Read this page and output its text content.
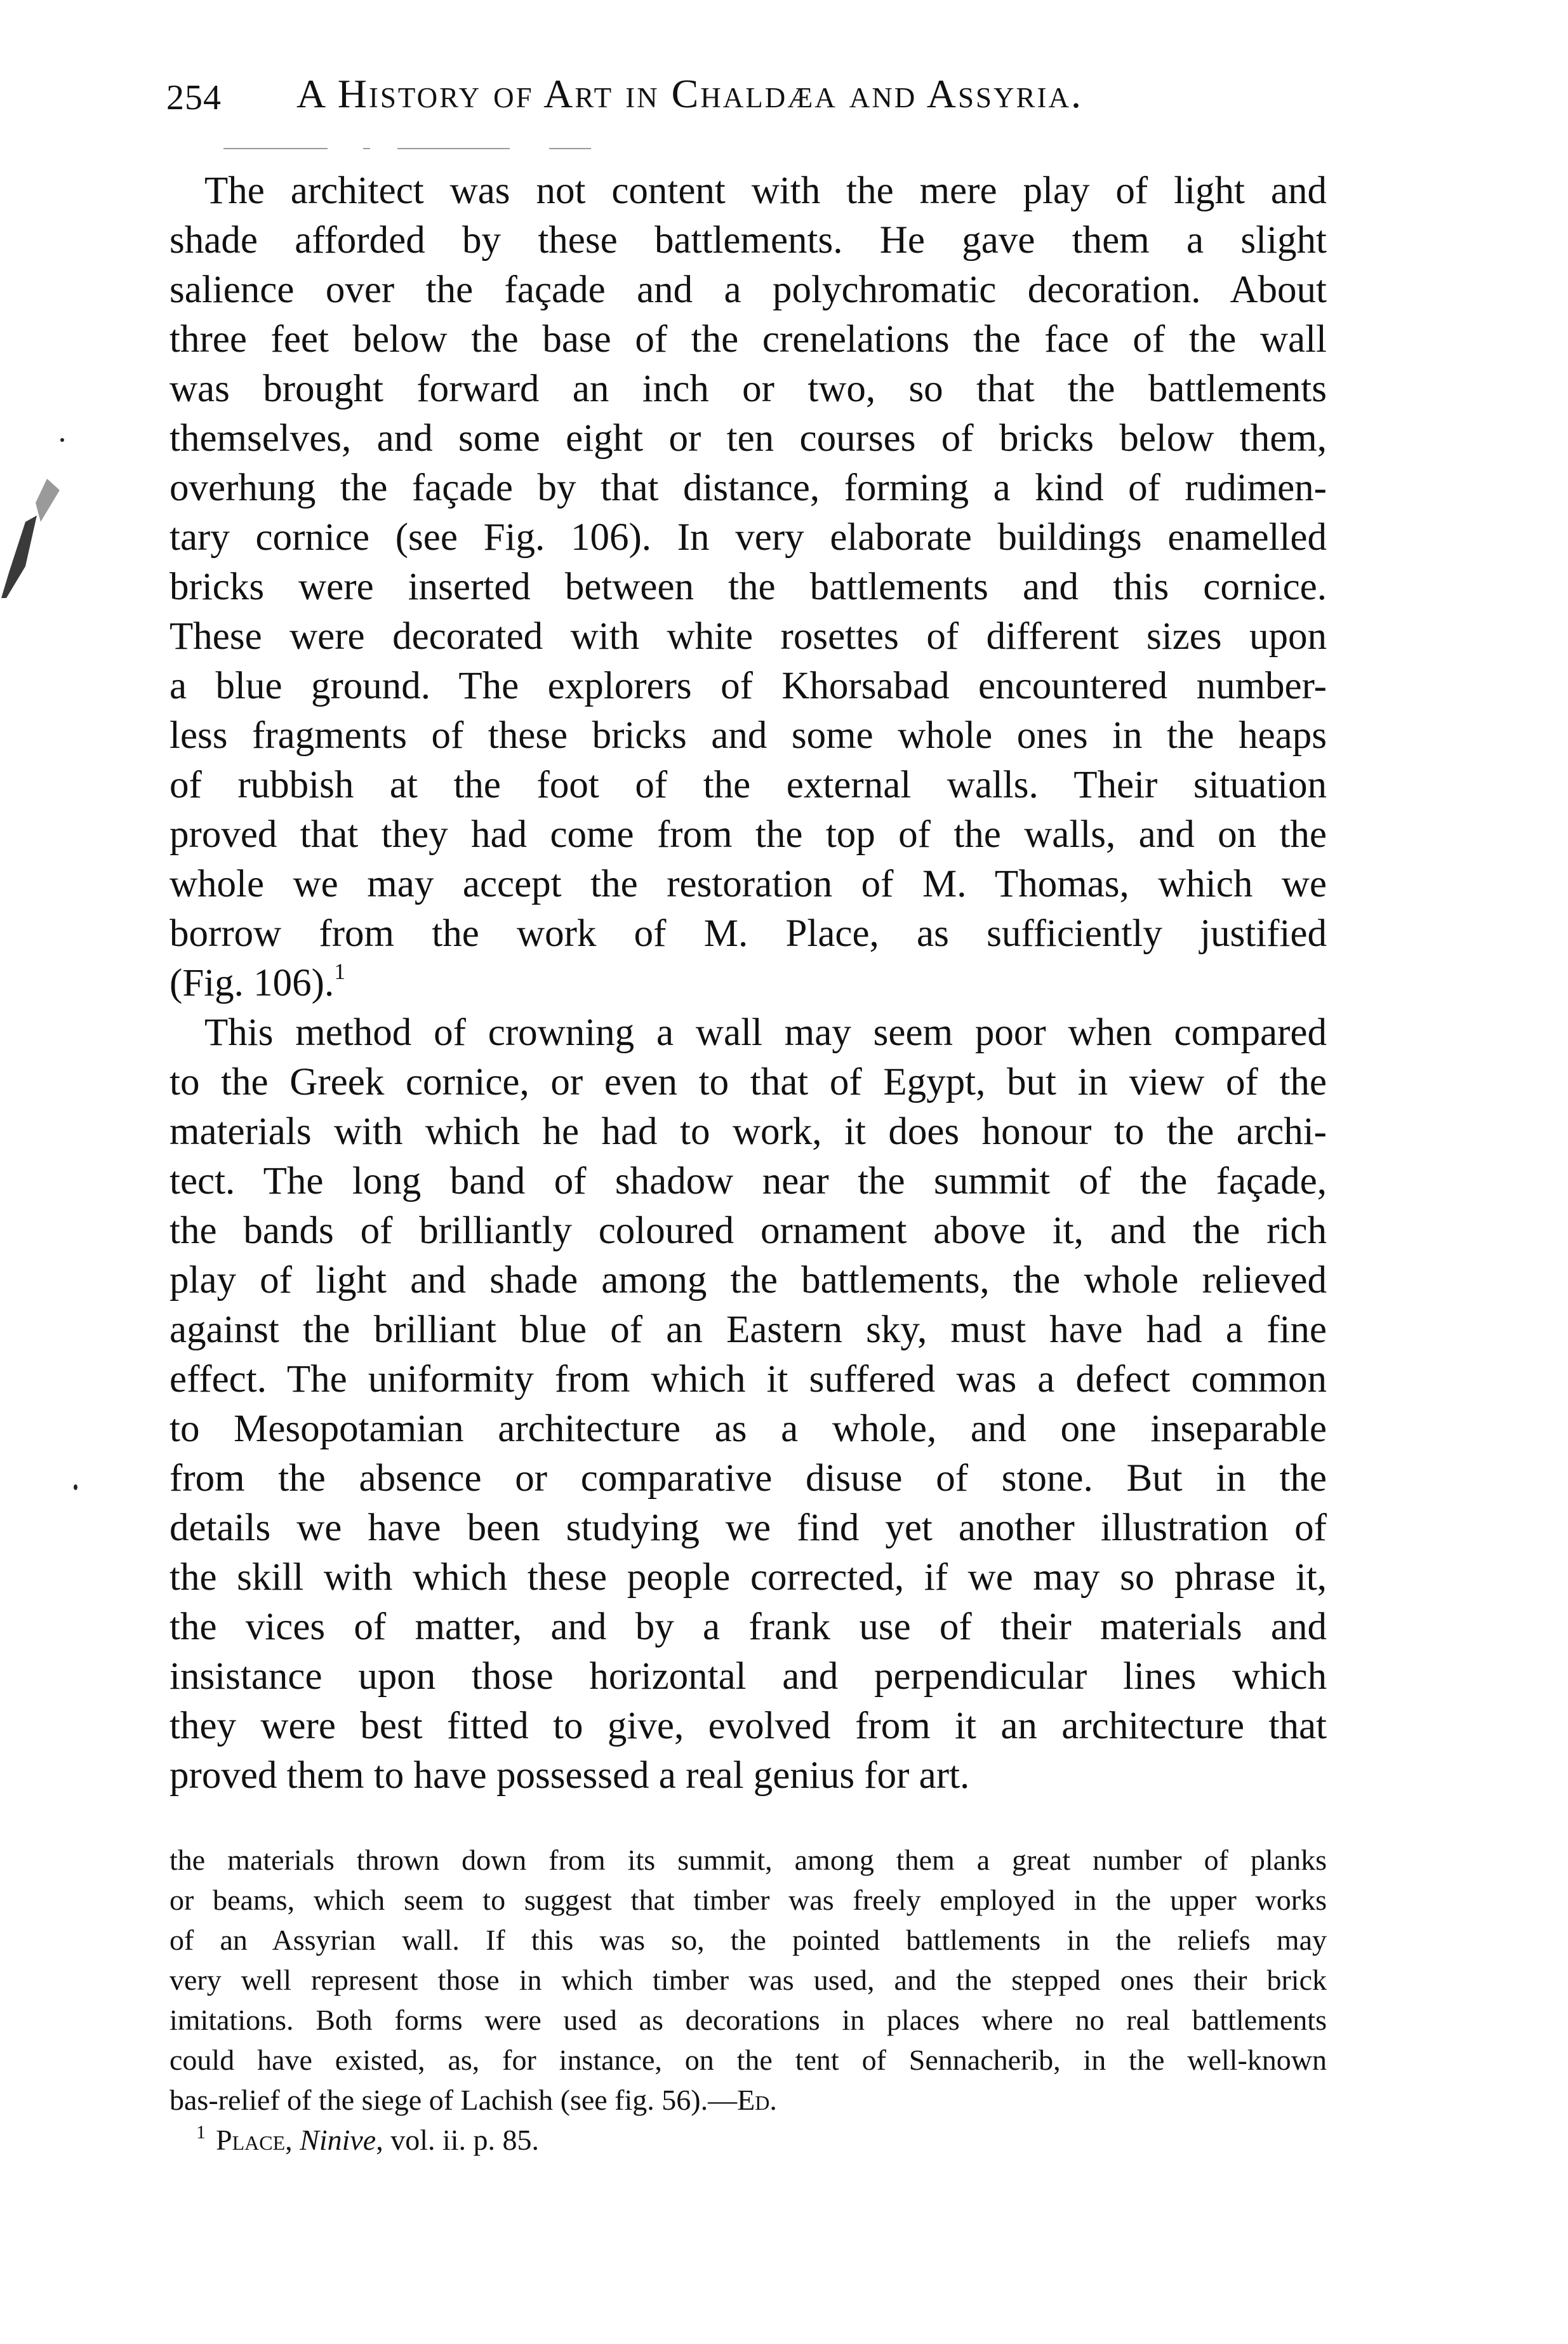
254 A History of Art in Chaldæa and Assyria.
The architect was not content with the mere play of light and
shade afforded by these battlements. He gave them a slight
salience over the façade and a polychromatic decoration. About
three feet below the base of the crenelations the face of the wall
was brought forward an inch or two, so that the battlements
themselves, and some eight or ten courses of bricks below them,
overhung the façade by that distance, forming a kind of rudimen-
tary cornice (see Fig. 106). In very elaborate buildings enamelled
bricks were inserted between the battlements and this cornice.
These were decorated with white rosettes of different sizes upon
a blue ground. The explorers of Khorsabad encountered number-
less fragments of these bricks and some whole ones in the heaps
of rubbish at the foot of the external walls. Their situation
proved that they had come from the top of the walls, and on the
whole we may accept the restoration of M. Thomas, which we
borrow from the work of M. Place, as sufficiently justified
(Fig. 106).$^1$
This method of crowning a wall may seem poor when compared
to the Greek cornice, or even to that of Egypt, but in view of the
materials with which he had to work, it does honour to the archi-
tect. The long band of shadow near the summit of the façade,
the bands of brilliantly coloured ornament above it, and the rich
play of light and shade among the battlements, the whole relieved
against the brilliant blue of an Eastern sky, must have had a fine
effect. The uniformity from which it suffered was a defect common
to Mesopotamian architecture as a whole, and one inseparable
from the absence or comparative disuse of stone. But in the
details we have been studying we find yet another illustration of
the skill with which these people corrected, if we may so phrase it,
the vices of matter, and by a frank use of their materials and
insistance upon those horizontal and perpendicular lines which
they were best fitted to give, evolved from it an architecture that
proved them to have possessed a real genius for art.
the materials thrown down from its summit, among them a great number of planks
or beams, which seem to suggest that timber was freely employed in the upper works
of an Assyrian wall. If this was so, the pointed battlements in the reliefs may
very well represent those in which timber was used, and the stepped ones their brick
imitations. Both forms were used as decorations in places where no real battlements
could have existed, as, for instance, on the tent of Sennacherib, in the well-known
bas-relief of the siege of Lachish (see fig. 56).—Ed.
$^1$ Place, Ninive, vol. ii. p. 85.
